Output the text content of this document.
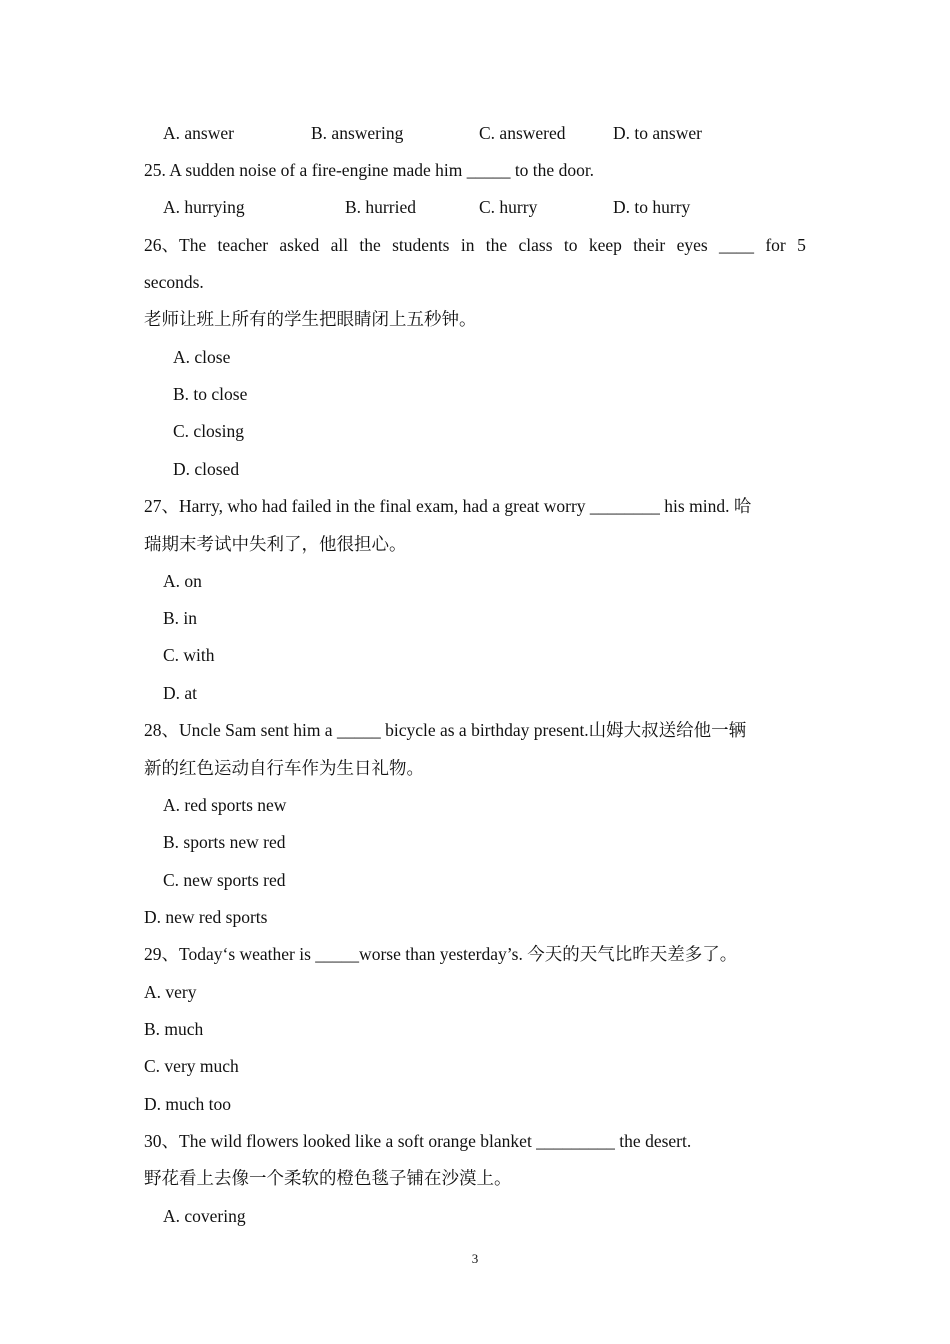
A. answer	B. answering	C. answered	D. to answer
25. A sudden noise of a fire-engine made him _____ to the door.
A. hurrying	B. hurried	C. hurry	D. to hurry
26、The teacher asked all the students in the class to keep their eyes ____ for 5
seconds.
老师让班上所有的学生把眼睛闭上五秒钟。
A. close
B. to close
C. closing
D. closed
27、Harry, who had failed in the final exam, had a great worry ________ his mind. 哈
瑞期末考试中失利了，他很担心。
A. on
B. in
C. with
D. at
28、Uncle Sam sent him a _____ bicycle as a birthday present.山姆大叔送给他一辆
新的红色运动自行车作为生日礼物。
A. red sports new
B. sports new red
C. new sports red
D. new red sports
29、Today‘s weather is _____worse than yesterday’s. 今天的天气比昨天差多了。
A. very
B. much
C. very much
D. much too
30、The wild flowers looked like a soft orange blanket _________ the desert.
野花看上去像一个柔软的橙色毯子铺在沙漠上。
A. covering
3
